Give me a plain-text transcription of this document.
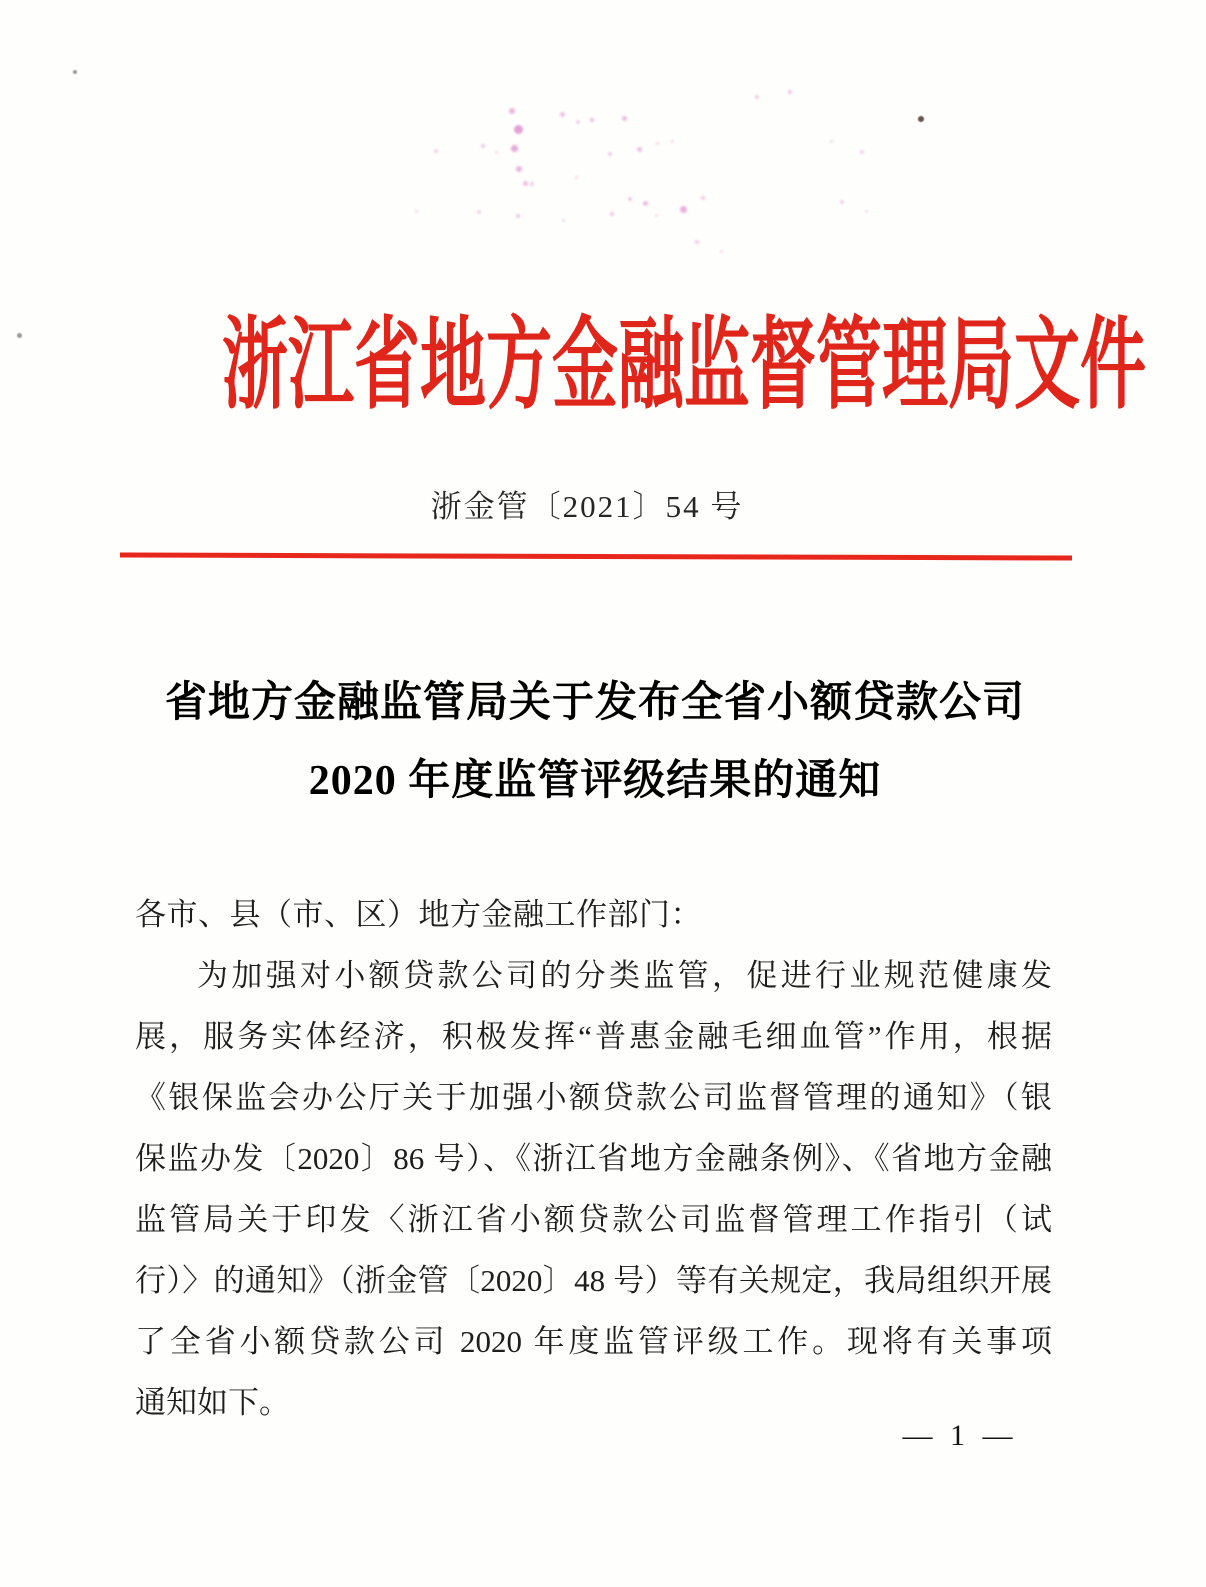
浙江省地方金融监督管理局文件
浙金管〔2021〕54 号
省地方金融监管局关于发布全省小额贷款公司
2020 年度监管评级结果的通知
各市、县（市、区）地方金融工作部门：
为加强对小额贷款公司的分类监管，促进行业规范健康发
展，服务实体经济，积极发挥“普惠金融毛细血管”作用，根据
《银保监会办公厅关于加强小额贷款公司监督管理的通知》（银
保监办发〔2020〕86 号）、《浙江省地方金融条例》、《省地方金融
监管局关于印发〈浙江省小额贷款公司监督管理工作指引（试
行）〉的通知》（浙金管〔2020〕48 号）等有关规定，我局组织开展
了全省小额贷款公司 2020 年度监管评级工作。现将有关事项
通知如下。
— 1 —
